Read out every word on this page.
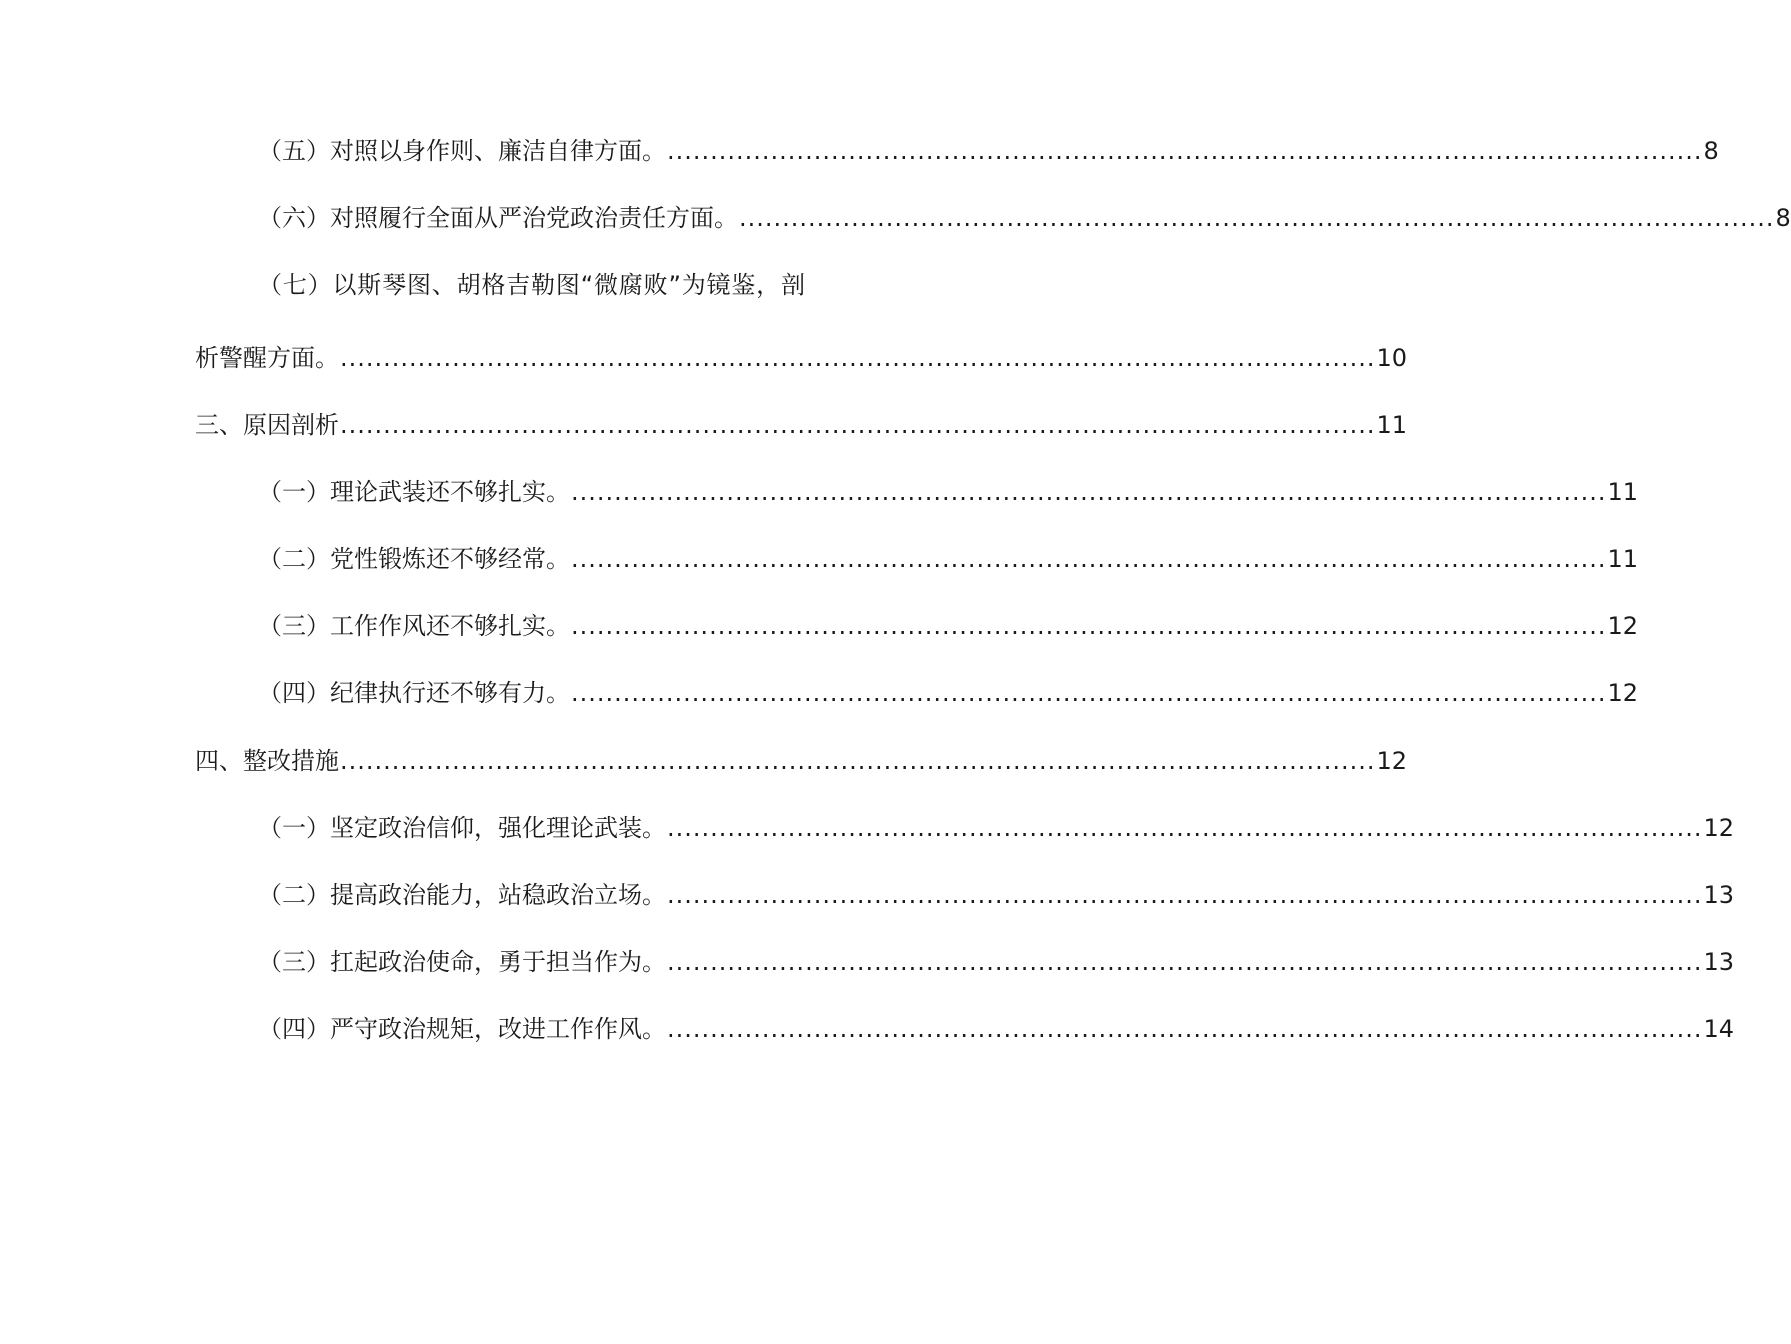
（五）对照以身作则、廉洁自律方面。 ........................................................................................................................ 8
（六）对照履行全面从严治党政治责任方面。 ........................................................................................................................ 8
（七）以斯琴图、胡格吉勒图“微腐败”为镜鉴，剖
析警醒方面。 ........................................................................................................................ 10
三、原因剖析 ........................................................................................................................ 11
（一）理论武装还不够扎实。 ........................................................................................................................ 11
（二）党性锻炼还不够经常。 ........................................................................................................................ 11
（三）工作作风还不够扎实。 ........................................................................................................................ 12
（四）纪律执行还不够有力。 ........................................................................................................................ 12
四、整改措施 ........................................................................................................................ 12
（一）坚定政治信仰，强化理论武装。 ........................................................................................................................ 12
（二）提高政治能力，站稳政治立场。 ........................................................................................................................ 13
（三）扛起政治使命，勇于担当作为。 ........................................................................................................................ 13
（四）严守政治规矩，改进工作作风。 ........................................................................................................................ 14
